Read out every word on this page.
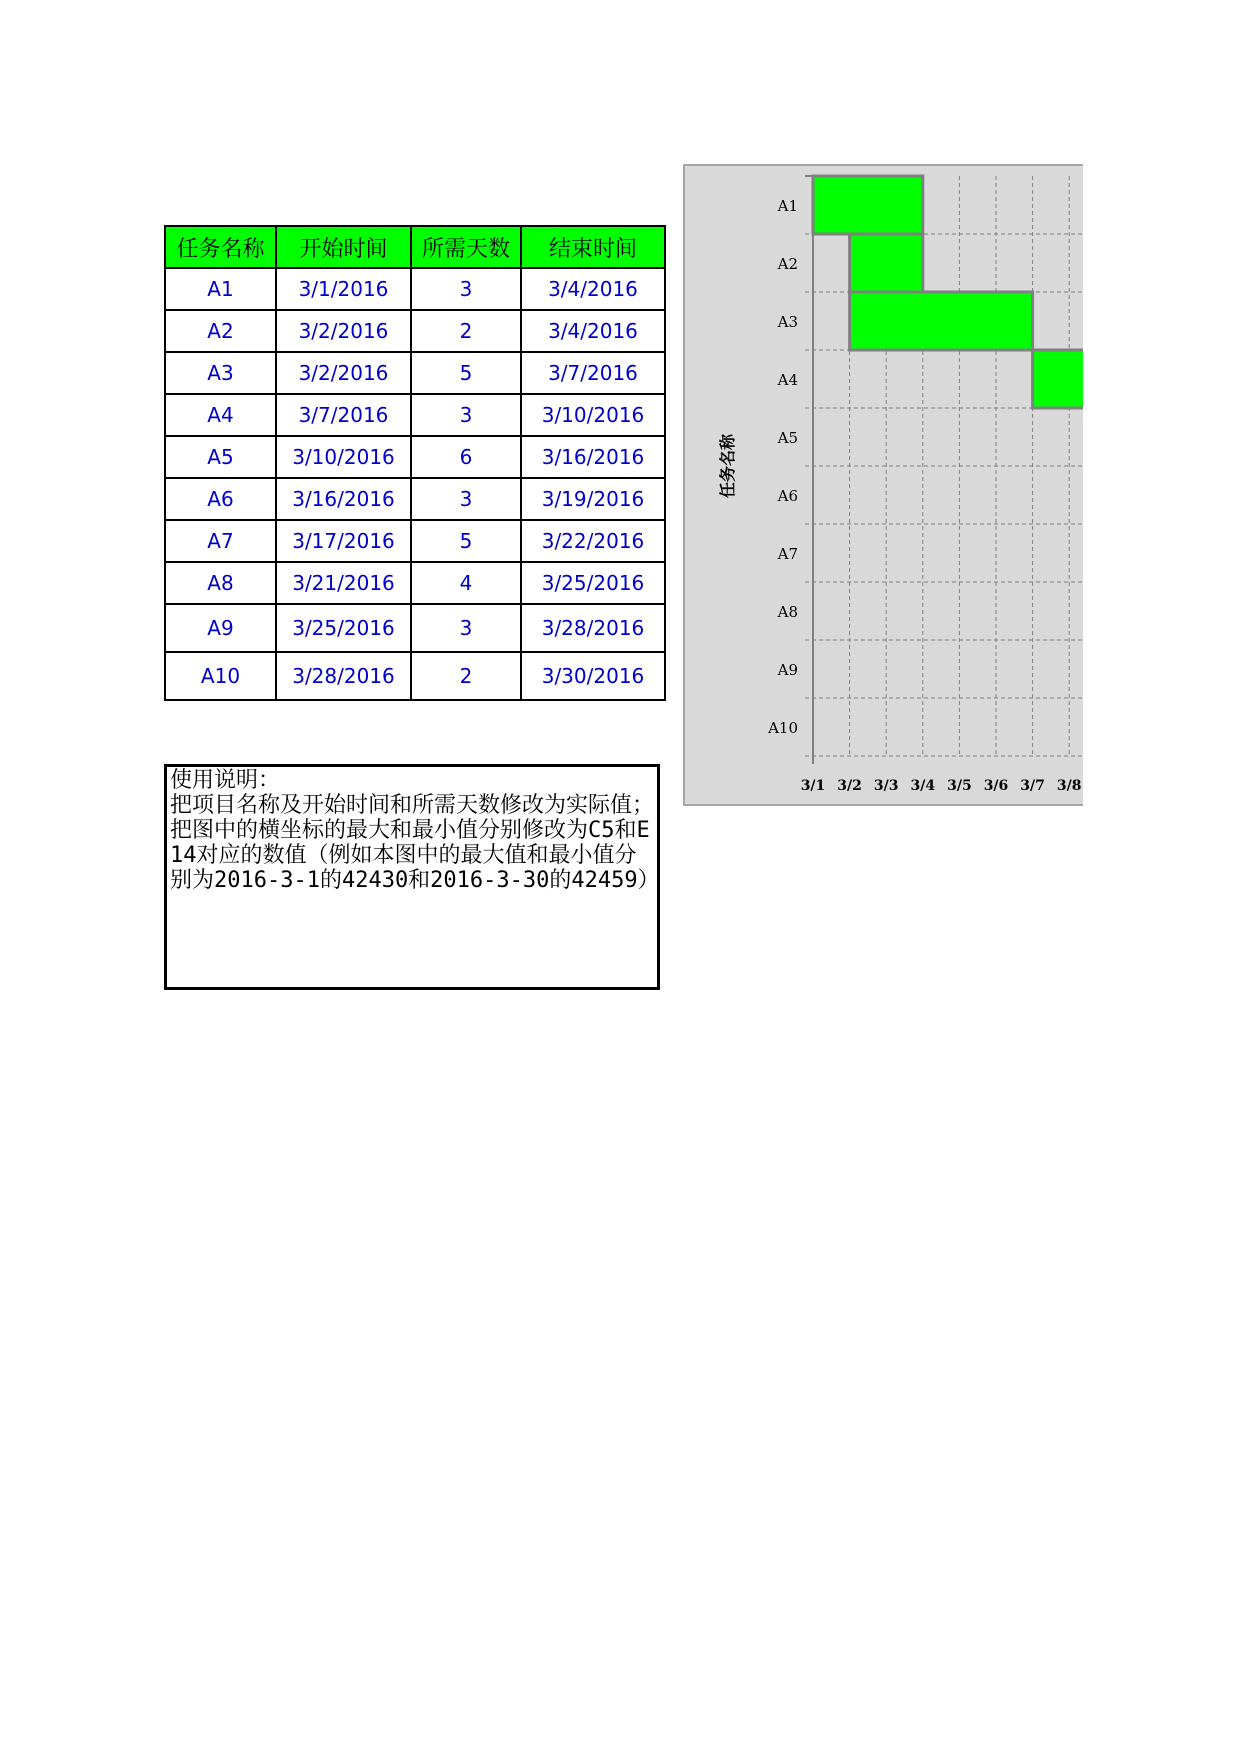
任务名称	开始时间	所需天数	结束时间
A1	3/1/2016	3	3/4/2016
A2	3/2/2016	2	3/4/2016
A3	3/2/2016	5	3/7/2016
A4	3/7/2016	3	3/10/2016
A5	3/10/2016	6	3/16/2016
A6	3/16/2016	3	3/19/2016
A7	3/17/2016	5	3/22/2016
A8	3/21/2016	4	3/25/2016
A9	3/25/2016	3	3/28/2016
A10	3/28/2016	2	3/30/2016
使用说明：
把项目名称及开始时间和所需天数修改为实际值；
把图中的横坐标的最大和最小值分别修改为C5和E14对应的数值（例如本图中的最大值和最小值分别为2016-3-1的42430和2016-3-30的42459）
A1
A2
A3
A4
A5
A6
A7
A8
A9
A10
3/1 3/2 3/3 3/4 3/5 3/6 3/7 3/8
任务名称
